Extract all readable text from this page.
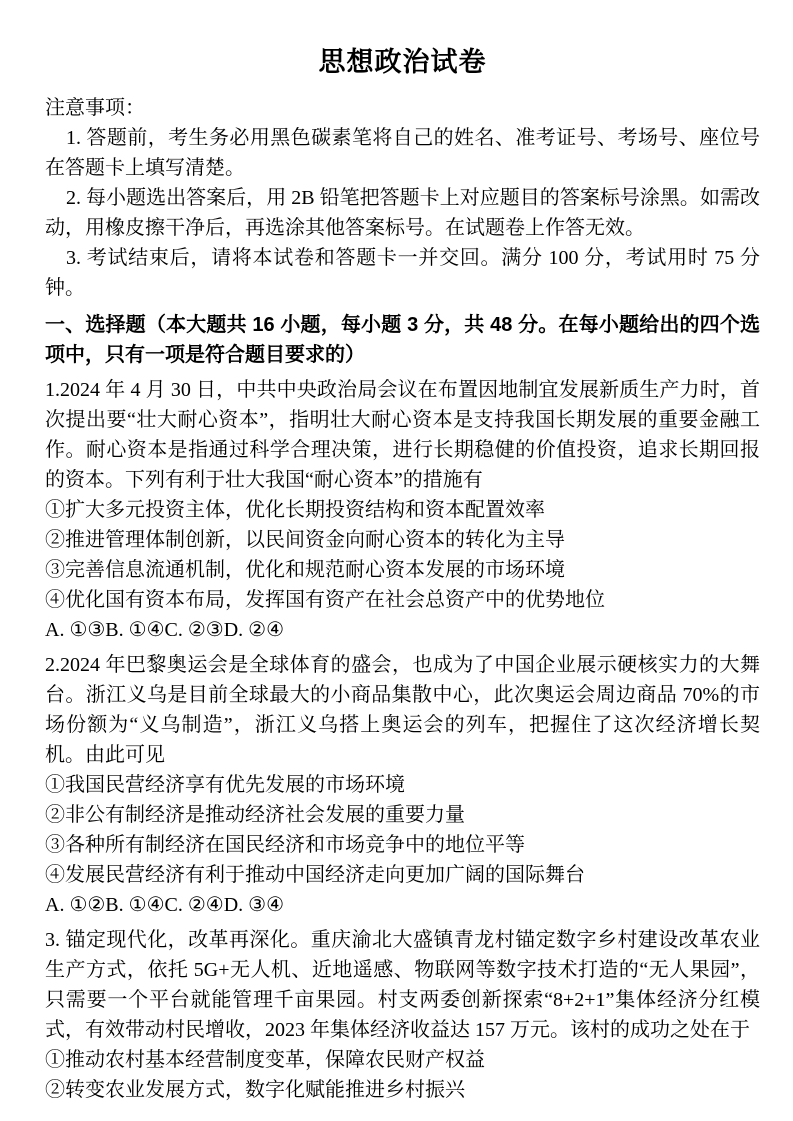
思想政治试卷

注意事项：

1. 答题前，考生务必用黑色碳素笔将自己的姓名、准考证号、考场号、座位号在答题卡上填写清楚。

2. 每小题选出答案后，用 2B 铅笔把答题卡上对应题目的答案标号涂黑。如需改动，用橡皮擦干净后，再选涂其他答案标号。在试题卷上作答无效。

3. 考试结束后，请将本试卷和答题卡一并交回。满分 100 分，考试用时 75 分钟。

一、选择题（本大题共 16 小题，每小题 3 分，共 48 分。在每小题给出的四个选项中，只有一项是符合题目要求的）

1.2024 年 4 月 30 日，中共中央政治局会议在布置因地制宜发展新质生产力时，首次提出要“壮大耐心资本”，指明壮大耐心资本是支持我国长期发展的重要金融工作。耐心资本是指通过科学合理决策，进行长期稳健的价值投资，追求长期回报的资本。下列有利于壮大我国“耐心资本”的措施有

①扩大多元投资主体，优化长期投资结构和资本配置效率

②推进管理体制创新，以民间资金向耐心资本的转化为主导

③完善信息流通机制，优化和规范耐心资本发展的市场环境

④优化国有资本布局，发挥国有资产在社会总资产中的优势地位

A. ①③B. ①④C. ②③D. ②④

2.2024 年巴黎奥运会是全球体育的盛会，也成为了中国企业展示硬核实力的大舞台。浙江义乌是目前全球最大的小商品集散中心，此次奥运会周边商品 70%的市场份额为“义乌制造”，浙江义乌搭上奥运会的列车，把握住了这次经济增长契机。由此可见

①我国民营经济享有优先发展的市场环境

②非公有制经济是推动经济社会发展的重要力量

③各种所有制经济在国民经济和市场竞争中的地位平等

④发展民营经济有利于推动中国经济走向更加广阔的国际舞台

A. ①②B. ①④C. ②④D. ③④

3. 锚定现代化，改革再深化。重庆渝北大盛镇青龙村锚定数字乡村建设改革农业生产方式，依托 5G+无人机、近地遥感、物联网等数字技术打造的“无人果园”，只需要一个平台就能管理千亩果园。村支两委创新探索“8+2+1”集体经济分红模式，有效带动村民增收，2023 年集体经济收益达 157 万元。该村的成功之处在于

①推动农村基本经营制度变革，保障农民财产权益

②转变农业发展方式，数字化赋能推进乡村振兴
